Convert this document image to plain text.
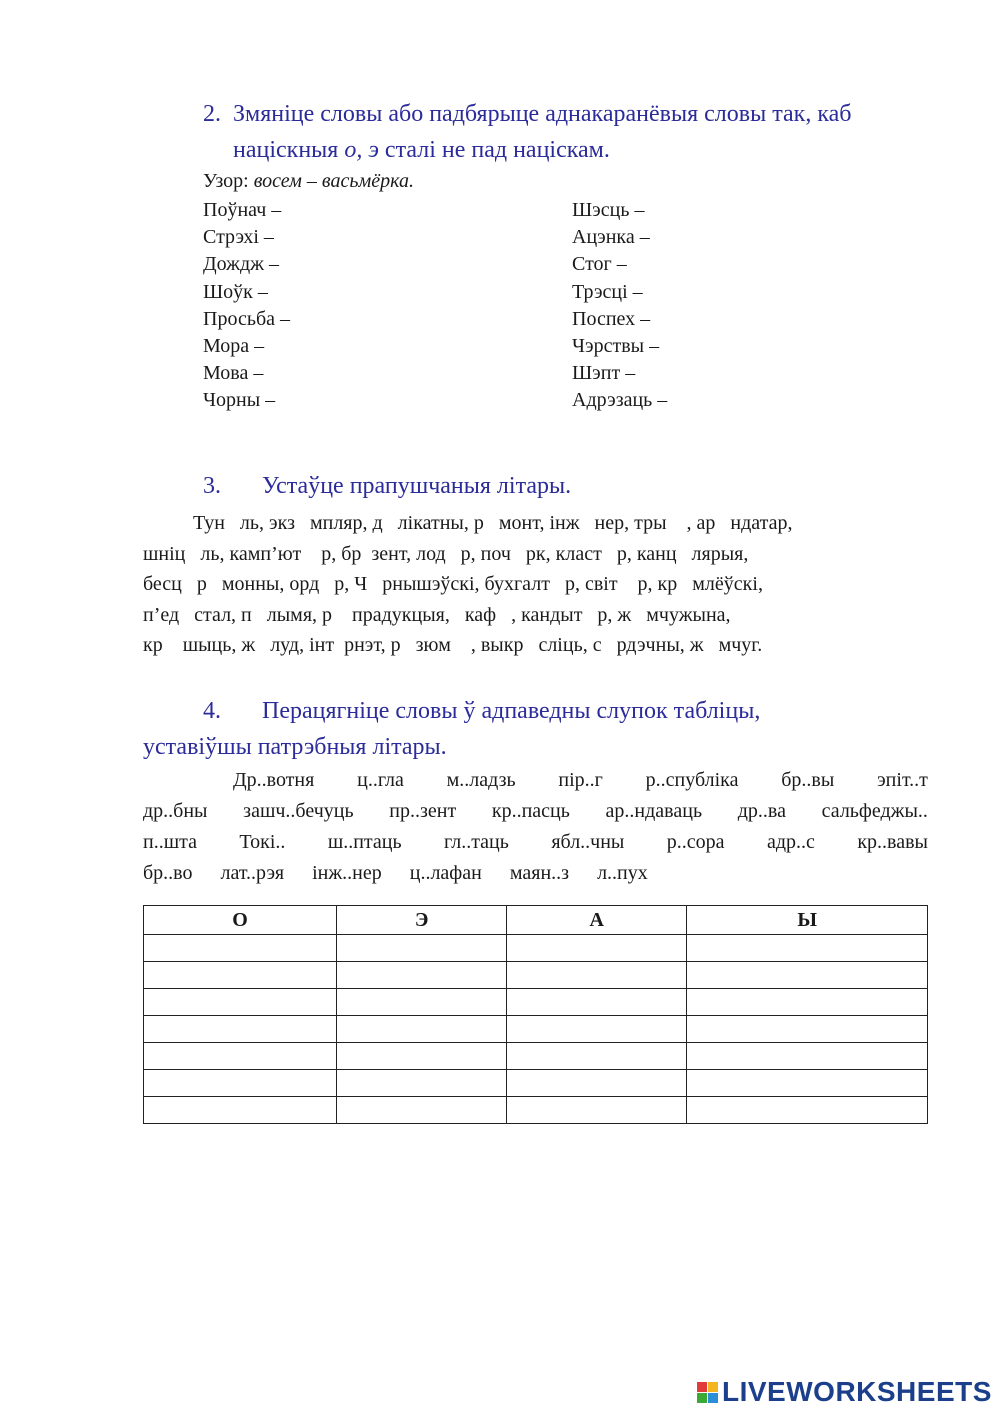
2. Змяніце словы або падбярыце аднакаранёвыя словы так, каб
націскныя о, э сталі не пад націскам.
Узор: восем – васьмёрка.
Поўнач –
Стрэхі –
Дождж –
Шоўк –
Просьба –
Мора –
Мова –
Чорны –
Шэсць –
Ацэнка –
Стог –
Трэсці –
Поспех –
Чэрствы –
Шэпт –
Адрэзаць –
3. Устаўце прапушчаныя літары.
Тун   ль, экз   мпляр, д   лікатны, р   монт, інж   нер, тры    , ар   ндатар,
шніц   ль, камп’ют    р, бр  зент, лод   р, поч   рк, класт   р, канц   лярыя,
бесц   р   монны, орд   р, Ч   рнышэўскі, бухгалт   р, світ    р, кр   млёўскі,
п’ед   стал, п   лымя, р    прадукцыя,   каф   , кандыт   р, ж   мчужына,
кр    шыць, ж   луд, інт  рнэт, р   зюм    , выкр   сліць, с   рдэчны, ж   мчуг.
4. Перацягніце словы ў адпаведны слупок табліцы,
уставіўшы патрэбныя літары.
Др..вотня ц..гла м..ладзь пір..г р..спубліка бр..вы эпіт..т
др..бны зашч..бечуць пр..зент кр..пасць ар..ндаваць др..ва сальфеджы..
п..шта Токі.. ш..птаць гл..таць ябл..чны р..сора адр..с кр..вавы
бр..во лат..рэя інж..нер ц..лафан маян..з л..пух
О	Э	А	Ы

LIVEWORKSHEETS
